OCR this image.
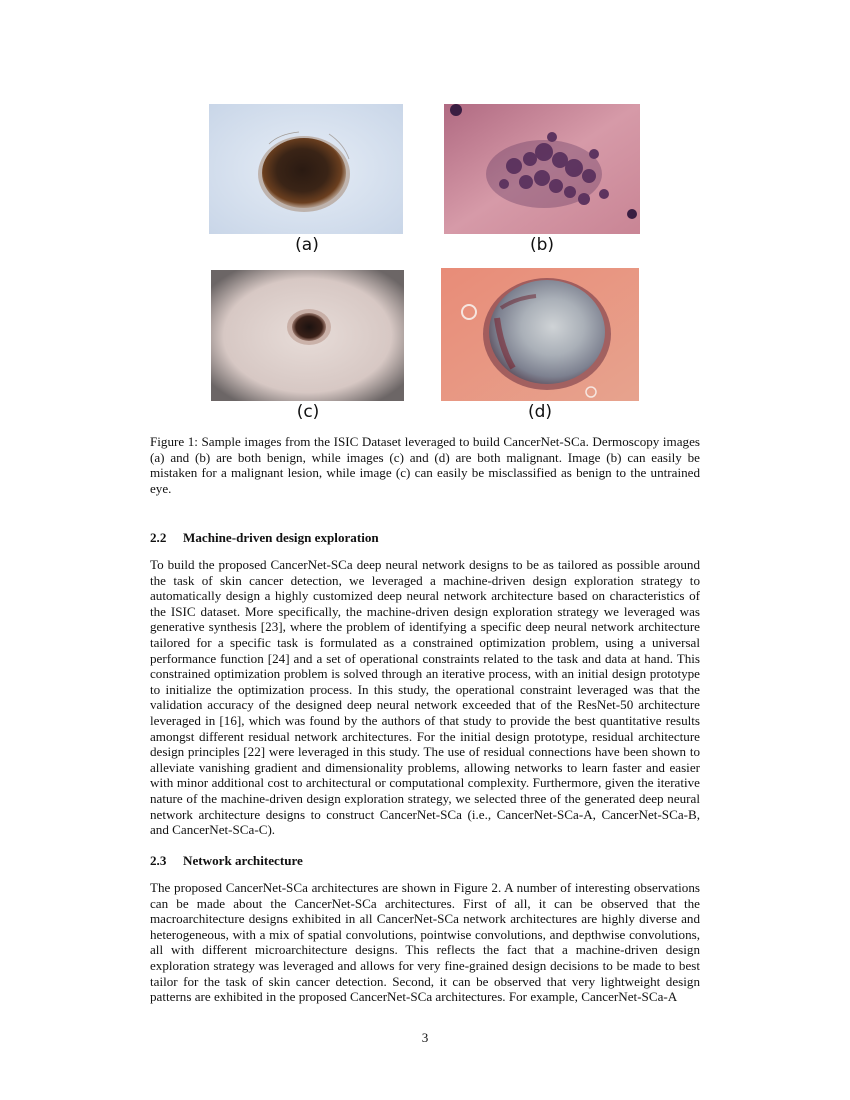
(a)	(b)
(c)	(d)
Figure 1: Sample images from the ISIC Dataset leveraged to build CancerNet-SCa. Dermoscopy images (a) and (b) are both benign, while images (c) and (d) are both malignant. Image (b) can easily be mistaken for a malignant lesion, while image (c) can easily be misclassified as benign to the untrained eye.
2.2 Machine-driven design exploration
To build the proposed CancerNet-SCa deep neural network designs to be as tailored as possible around the task of skin cancer detection, we leveraged a machine-driven design exploration strategy to automatically design a highly customized deep neural network architecture based on characteristics of the ISIC dataset. More specifically, the machine-driven design exploration strategy we leveraged was generative synthesis [23], where the problem of identifying a specific deep neural network architecture tailored for a specific task is formulated as a constrained optimization problem, using a universal performance function [24] and a set of operational constraints related to the task and data at hand. This constrained optimization problem is solved through an iterative process, with an initial design prototype to initialize the optimization process. In this study, the operational constraint leveraged was that the validation accuracy of the designed deep neural network exceeded that of the ResNet-50 architecture leveraged in [16], which was found by the authors of that study to provide the best quantitative results amongst different residual network architectures. For the initial design prototype, residual architecture design principles [22] were leveraged in this study. The use of residual connections have been shown to alleviate vanishing gradient and dimensionality problems, allowing networks to learn faster and easier with minor additional cost to architectural or computational complexity. Furthermore, given the iterative nature of the machine-driven design exploration strategy, we selected three of the generated deep neural network architecture designs to construct CancerNet-SCa (i.e., CancerNet-SCa-A, CancerNet-SCa-B, and CancerNet-SCa-C).
2.3 Network architecture
The proposed CancerNet-SCa architectures are shown in Figure 2. A number of interesting observations can be made about the CancerNet-SCa architectures. First of all, it can be observed that the macroarchitecture designs exhibited in all CancerNet-SCa network architectures are highly diverse and heterogeneous, with a mix of spatial convolutions, pointwise convolutions, and depthwise convolutions, all with different microarchitecture designs. This reflects the fact that a machine-driven design exploration strategy was leveraged and allows for very fine-grained design decisions to be made to best tailor for the task of skin cancer detection. Second, it can be observed that very lightweight design patterns are exhibited in the proposed CancerNet-SCa architectures. For example, CancerNet-SCa-A
3
